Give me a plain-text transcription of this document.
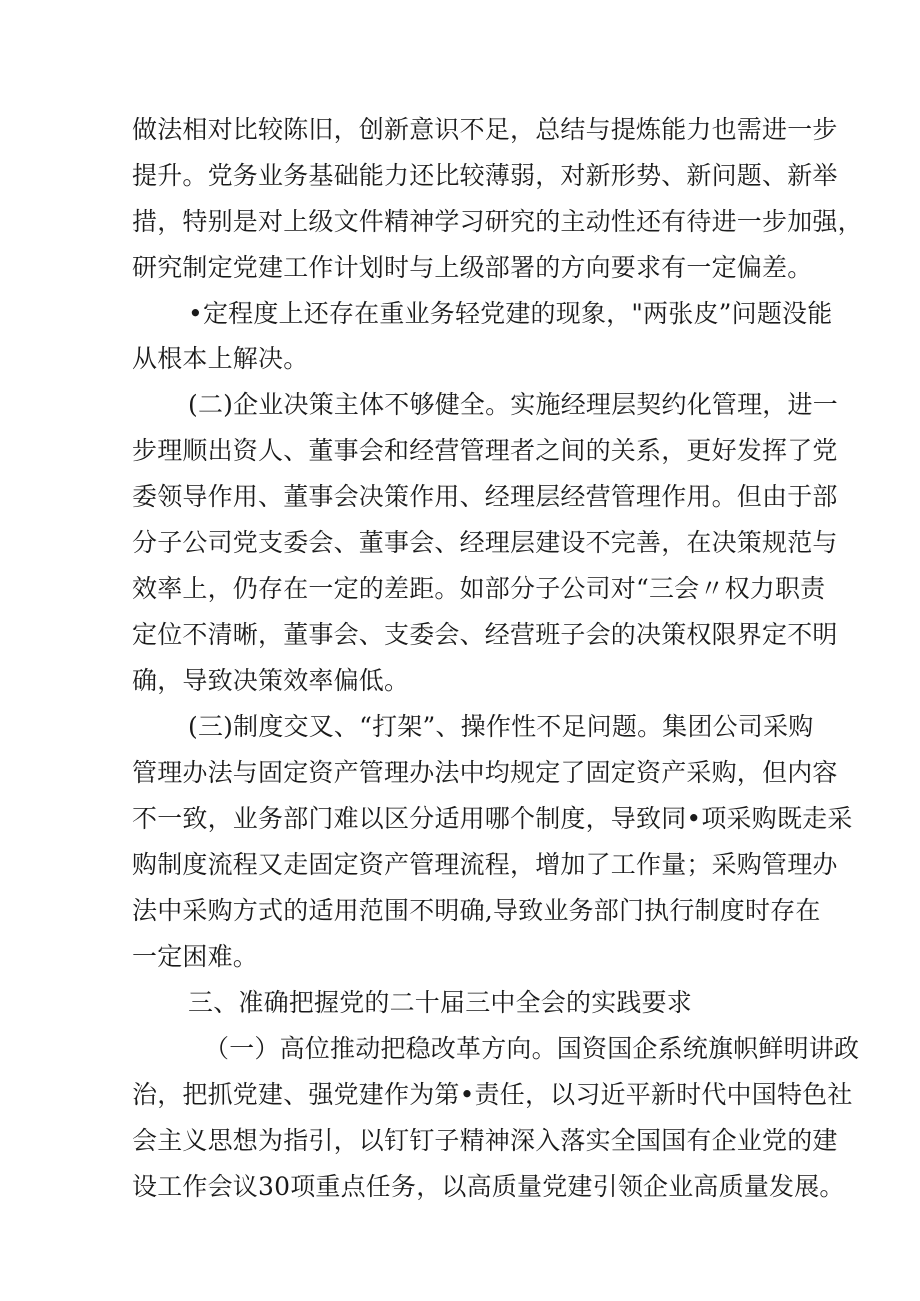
做法相对比较陈旧，创新意识不足，总结与提炼能力也需进一步
提升。党务业务基础能力还比较薄弱，对新形势、新问题、新举
措，特别是对上级文件精神学习研究的主动性还有待进一步加强，
研究制定党建工作计划时与上级部署的方向要求有一定偏差。
•定程度上还存在重业务轻党建的现象，"两张皮”问题没能
从根本上解决。
(二)企业决策主体不够健全。实施经理层契约化管理，进一
步理顺出资人、董事会和经营管理者之间的关系，更好发挥了党
委领导作用、董事会决策作用、经理层经营管理作用。但由于部
分子公司党支委会、董事会、经理层建设不完善，在决策规范与
效率上，仍存在一定的差距。如部分子公司对“三会〃权力职责
定位不清晰，董事会、支委会、经营班子会的决策权限界定不明
确，导致决策效率偏低。
(三)制度交叉、“打架”、操作性不足问题。集团公司采购
管理办法与固定资产管理办法中均规定了固定资产采购，但内容
不一致，业务部门难以区分适用哪个制度，导致同•项采购既走采
购制度流程又走固定资产管理流程，增加了工作量；采购管理办
法中采购方式的适用范围不明确,导致业务部门执行制度时存在
一定困难。
三、准确把握党的二十届三中全会的实践要求
（一）高位推动把稳改革方向。国资国企系统旗帜鲜明讲政
治，把抓党建、强党建作为第•责任，以习近平新时代中国特色社
会主义思想为指引，以钉钉子精神深入落实全国国有企业党的建
设工作会议30项重点任务，以高质量党建引领企业高质量发展。
